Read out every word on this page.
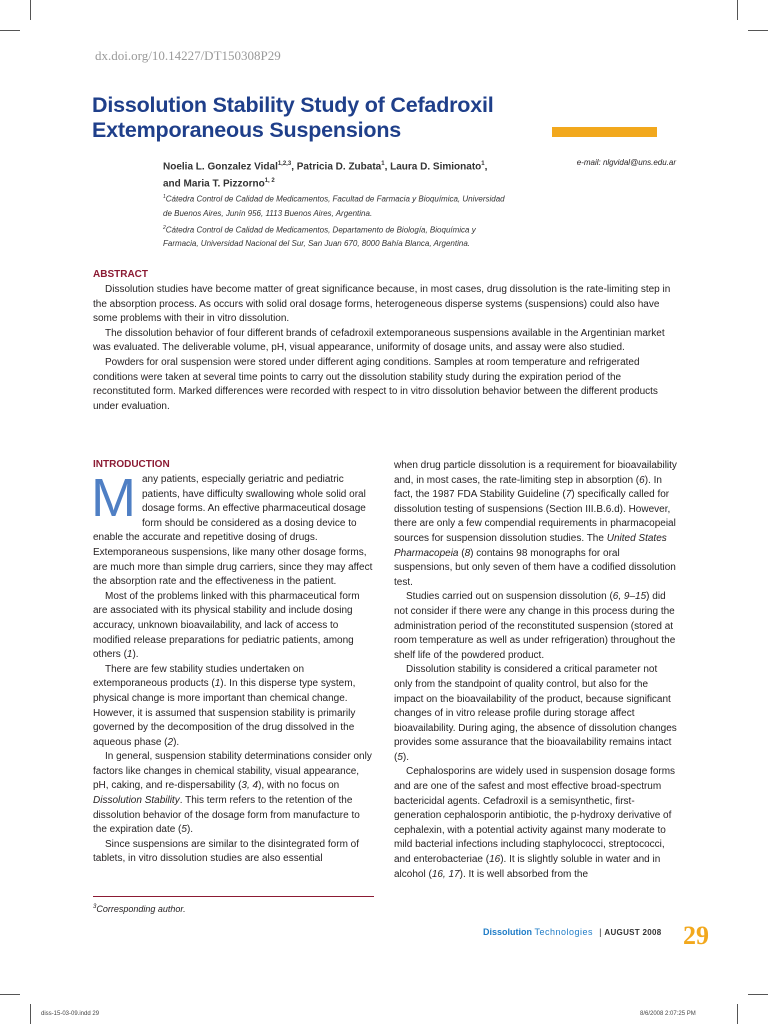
dx.doi.org/10.14227/DT150308P29
Dissolution Stability Study of Cefadroxil
Extemporaneous Suspensions
e-mail: nlgvidal@uns.edu.ar
Noelia L. Gonzalez Vidal$^{1,2,3}$, Patricia D. Zubata$^1$, Laura D. Simionato$^1$,
and Maria T. Pizzorno$^{1, 2}$
$^1$Cátedra Control de Calidad de Medicamentos, Facultad de Farmacia y Bioquímica, Universidad
de Buenos Aires, Junín 956, 1113 Buenos Aires, Argentina.
$^2$Cátedra Control de Calidad de Medicamentos, Departamento de Biología, Bioquímica y
Farmacia, Universidad Nacional del Sur, San Juan 670, 8000 Bahía Blanca, Argentina.
ABSTRACT

Dissolution studies have become matter of great significance because, in most cases, drug dissolution is the rate-limiting step in the absorption process. As occurs with solid oral dosage forms, heterogeneous disperse systems (suspensions) could also have some problems with their in vitro dissolution.

The dissolution behavior of four different brands of cefadroxil extemporaneous suspensions available in the Argentinian market was evaluated. The deliverable volume, pH, visual appearance, uniformity of dosage units, and assay were also studied.

Powders for oral suspension were stored under different aging conditions. Samples at room temperature and refrigerated conditions were taken at several time points to carry out the dissolution stability study during the expiration period of the reconstituted form. Marked differences were recorded with respect to in vitro dissolution behavior between the different products under evaluation.

INTRODUCTION

Many patients, especially geriatric and pediatric patients, have difficulty swallowing whole solid oral dosage forms. An effective pharmaceutical dosage form should be considered as a dosing device to enable the accurate and repetitive dosing of drugs. Extemporaneous suspensions, like many other dosage forms, are much more than simple drug carriers, since they may affect the absorption rate and the effectiveness in the patient.

Most of the problems linked with this pharmaceutical form are associated with its physical stability and include dosing accuracy, unknown bioavailability, and lack of access to modified release preparations for pediatric patients, among others (1).

There are few stability studies undertaken on extemporaneous products (1). In this disperse type system, physical change is more important than chemical change. However, it is assumed that suspension stability is primarily governed by the decomposition of the drug dissolved in the aqueous phase (2).

In general, suspension stability determinations consider only factors like changes in chemical stability, visual appearance, pH, caking, and re-dispersability (3, 4), with no focus on Dissolution Stability. This term refers to the retention of the dissolution behavior of the dosage form from manufacture to the expiration date (5).

Since suspensions are similar to the disintegrated form of tablets, in vitro dissolution studies are also essential

when drug particle dissolution is a requirement for bioavailability and, in most cases, the rate-limiting step in absorption (6). In fact, the 1987 FDA Stability Guideline (7) specifically called for dissolution testing of suspensions (Section III.B.6.d). However, there are only a few compendial requirements in pharmacopeial sources for suspension dissolution studies. The United States Pharmacopeia (8) contains 98 monographs for oral suspensions, but only seven of them have a codified dissolution test.

Studies carried out on suspension dissolution (6, 9–15) did not consider if there were any change in this process during the administration period of the reconstituted suspension (stored at room temperature as well as under refrigeration) throughout the shelf life of the powdered product.

Dissolution stability is considered a critical parameter not only from the standpoint of quality control, but also for the impact on the bioavailability of the product, because significant changes of in vitro release profile during storage affect bioavailability. During aging, the absence of dissolution changes provides some assurance that the bioavailability remains intact (5).

Cephalosporins are widely used in suspension dosage forms and are one of the safest and most effective broad-spectrum bactericidal agents. Cefadroxil is a semisynthetic, first-generation cephalosporin antibiotic, the p-hydroxy derivative of cephalexin, with a potential activity against many moderate to mild bacterial infections including staphylococci, streptococci, and enterobacteriae (16). It is slightly soluble in water and in alcohol (16, 17). It is well absorbed from the

$^3$Corresponding author.
Dissolution Technologies | AUGUST 2008 29
diss-15-03-09.indd 29	8/6/2008 2:07:25 PM
